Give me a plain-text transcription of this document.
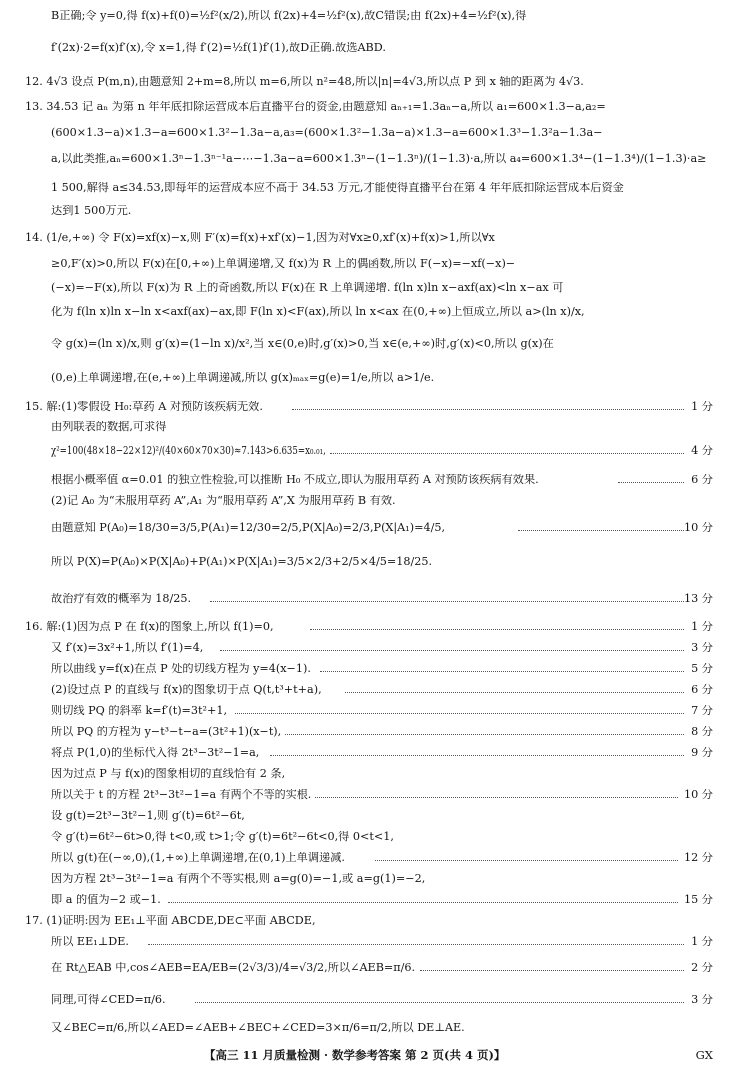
B正确;令 y=0,得 f(x)+f(0)=½f²(x/2),所以 f(2x)+4=½f²(x),故C错误;由 f(2x)+4=½f²(x),得
f′(2x)·2=f(x)f′(x),令 x=1,得 f′(2)=½f(1)f′(1),故D正确.故选ABD.
12. 4√3 设点 P(m,n),由题意知 2+m=8,所以 m=6,所以 n²=48,所以|n|=4√3,所以点 P 到 x 轴的距离为 4√3.
13. 34.53 记 aₙ 为第 n 年年底扣除运营成本后直播平台的资金,由题意知 aₙ₊₁=1.3aₙ−a,所以 a₁=600×1.3−a,a₂=
(600×1.3−a)×1.3−a=600×1.3²−1.3a−a,a₃=(600×1.3²−1.3a−a)×1.3−a=600×1.3³−1.3²a−1.3a−
a,以此类推,aₙ=600×1.3ⁿ−1.3ⁿ⁻¹a−⋯−1.3a−a=600×1.3ⁿ−(1−1.3ⁿ)/(1−1.3)·a,所以 a₄=600×1.3⁴−(1−1.3⁴)/(1−1.3)·a≥
1 500,解得 a≤34.53,即每年的运营成本应不高于 34.53 万元,才能使得直播平台在第 4 年年底扣除运营成本后资金
达到1 500万元.
14. (1/e,+∞) 令 F(x)=xf(x)−x,则 F′(x)=f(x)+xf′(x)−1,因为对∀x≥0,xf′(x)+f(x)>1,所以∀x
≥0,F′(x)>0,所以 F(x)在[0,+∞)上单调递增,又 f(x)为 R 上的偶函数,所以 F(−x)=−xf(−x)−
(−x)=−F(x),所以 F(x)为 R 上的奇函数,所以 F(x)在 R 上单调递增. f(ln x)ln x−axf(ax)<ln x−ax 可
化为 f(ln x)ln x−ln x<axf(ax)−ax,即 F(ln x)<F(ax),所以 ln x<ax 在(0,+∞)上恒成立,所以 a>(ln x)/x,
令 g(x)=(ln x)/x,则 g′(x)=(1−ln x)/x²,当 x∈(0,e)时,g′(x)>0,当 x∈(e,+∞)时,g′(x)<0,所以 g(x)在
(0,e)上单调递增,在(e,+∞)上单调递减,所以 g(x)ₘₐₓ=g(e)=1/e,所以 a>1/e.
15. 解:(1)零假设 H₀:草药 A 对预防该疾病无效.	1 分
由列联表的数据,可求得
χ²=100(48×18−22×12)²/(40×60×70×30)≈7.143>6.635=x₀.₀₁,	4 分
根据小概率值 α=0.01 的独立性检验,可以推断 H₀ 不成立,即认为服用草药 A 对预防该疾病有效果.	6 分
(2)记 A₀ 为“未服用草药 A”,A₁ 为“服用草药 A”,X 为服用草药 B 有效.
由题意知 P(A₀)=18/30=3/5,P(A₁)=12/30=2/5,P(X|A₀)=2/3,P(X|A₁)=4/5,	10 分
所以 P(X)=P(A₀)×P(X|A₀)+P(A₁)×P(X|A₁)=3/5×2/3+2/5×4/5=18/25.
故治疗有效的概率为 18/25.	13 分
16. 解:(1)因为点 P 在 f(x)的图象上,所以 f(1)=0,	1 分
又 f′(x)=3x²+1,所以 f′(1)=4,	3 分
所以曲线 y=f(x)在点 P 处的切线方程为 y=4(x−1).	5 分
(2)设过点 P 的直线与 f(x)的图象切于点 Q(t,t³+t+a),	6 分
则切线 PQ 的斜率 k=f′(t)=3t²+1,	7 分
所以 PQ 的方程为 y−t³−t−a=(3t²+1)(x−t),	8 分
将点 P(1,0)的坐标代入得 2t³−3t²−1=a,	9 分
因为过点 P 与 f(x)的图象相切的直线恰有 2 条,
所以关于 t 的方程 2t³−3t²−1=a 有两个不等的实根.	10 分
设 g(t)=2t³−3t²−1,则 g′(t)=6t²−6t,
令 g′(t)=6t²−6t>0,得 t<0,或 t>1;令 g′(t)=6t²−6t<0,得 0<t<1,
所以 g(t)在(−∞,0),(1,+∞)上单调递增,在(0,1)上单调递减.	12 分
因为方程 2t³−3t²−1=a 有两个不等实根,则 a=g(0)=−1,或 a=g(1)=−2,
即 a 的值为−2 或−1.	15 分
17. (1)证明:因为 EE₁⊥平面 ABCDE,DE⊂平面 ABCDE,
所以 EE₁⊥DE.	1 分
在 Rt△EAB 中,cos∠AEB=EA/EB=(2√3/3)/4=√3/2,所以∠AEB=π/6.	2 分
同理,可得∠CED=π/6.	3 分
又∠BEC=π/6,所以∠AED=∠AEB+∠BEC+∠CED=3×π/6=π/2,所以 DE⊥AE.
【高三 11 月质量检测 · 数学参考答案 第 2 页(共 4 页)】	GX
